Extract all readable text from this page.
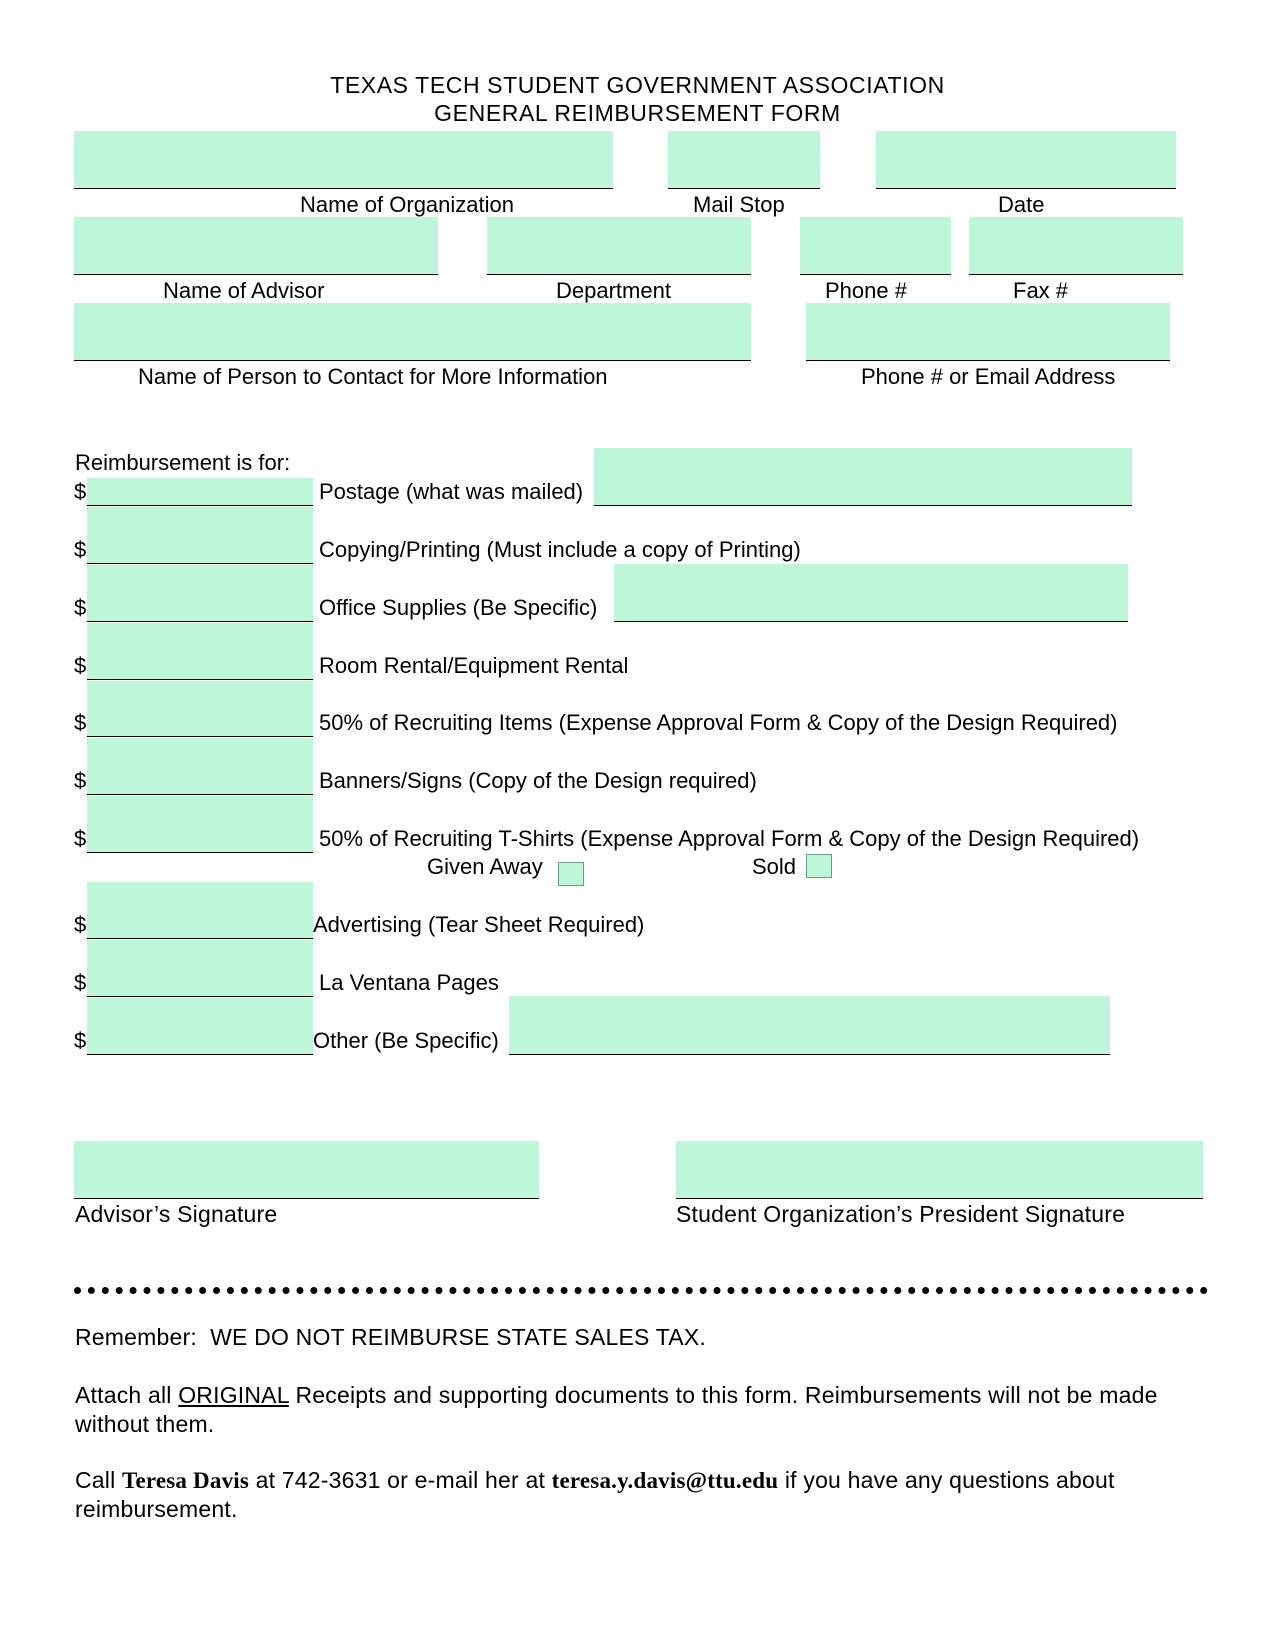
TEXAS TECH STUDENT GOVERNMENT ASSOCIATION
GENERAL REIMBURSEMENT FORM
Name of Organization	Mail Stop	Date
Name of Advisor	Department	Phone #	Fax #
Name of Person to Contact for More Information	Phone # or Email Address
Reimbursement is for:
$	Postage (what was mailed)
$	Copying/Printing (Must include a copy of Printing)
$	Office Supplies (Be Specific)
$	Room Rental/Equipment Rental
$	50% of Recruiting Items (Expense Approval Form & Copy of the Design Required)
$	Banners/Signs (Copy of the Design required)
$	50% of Recruiting T-Shirts (Expense Approval Form & Copy of the Design Required)
Given Away	Sold
$	Advertising (Tear Sheet Required)
$	La Ventana Pages
$	Other (Be Specific)
Advisor’s Signature	Student Organization’s President Signature
Remember: WE DO NOT REIMBURSE STATE SALES TAX.
Attach all ORIGINAL Receipts and supporting documents to this form. Reimbursements will not be made without them.
Call Teresa Davis at 742-3631 or e-mail her at teresa.y.davis@ttu.edu if you have any questions about reimbursement.
